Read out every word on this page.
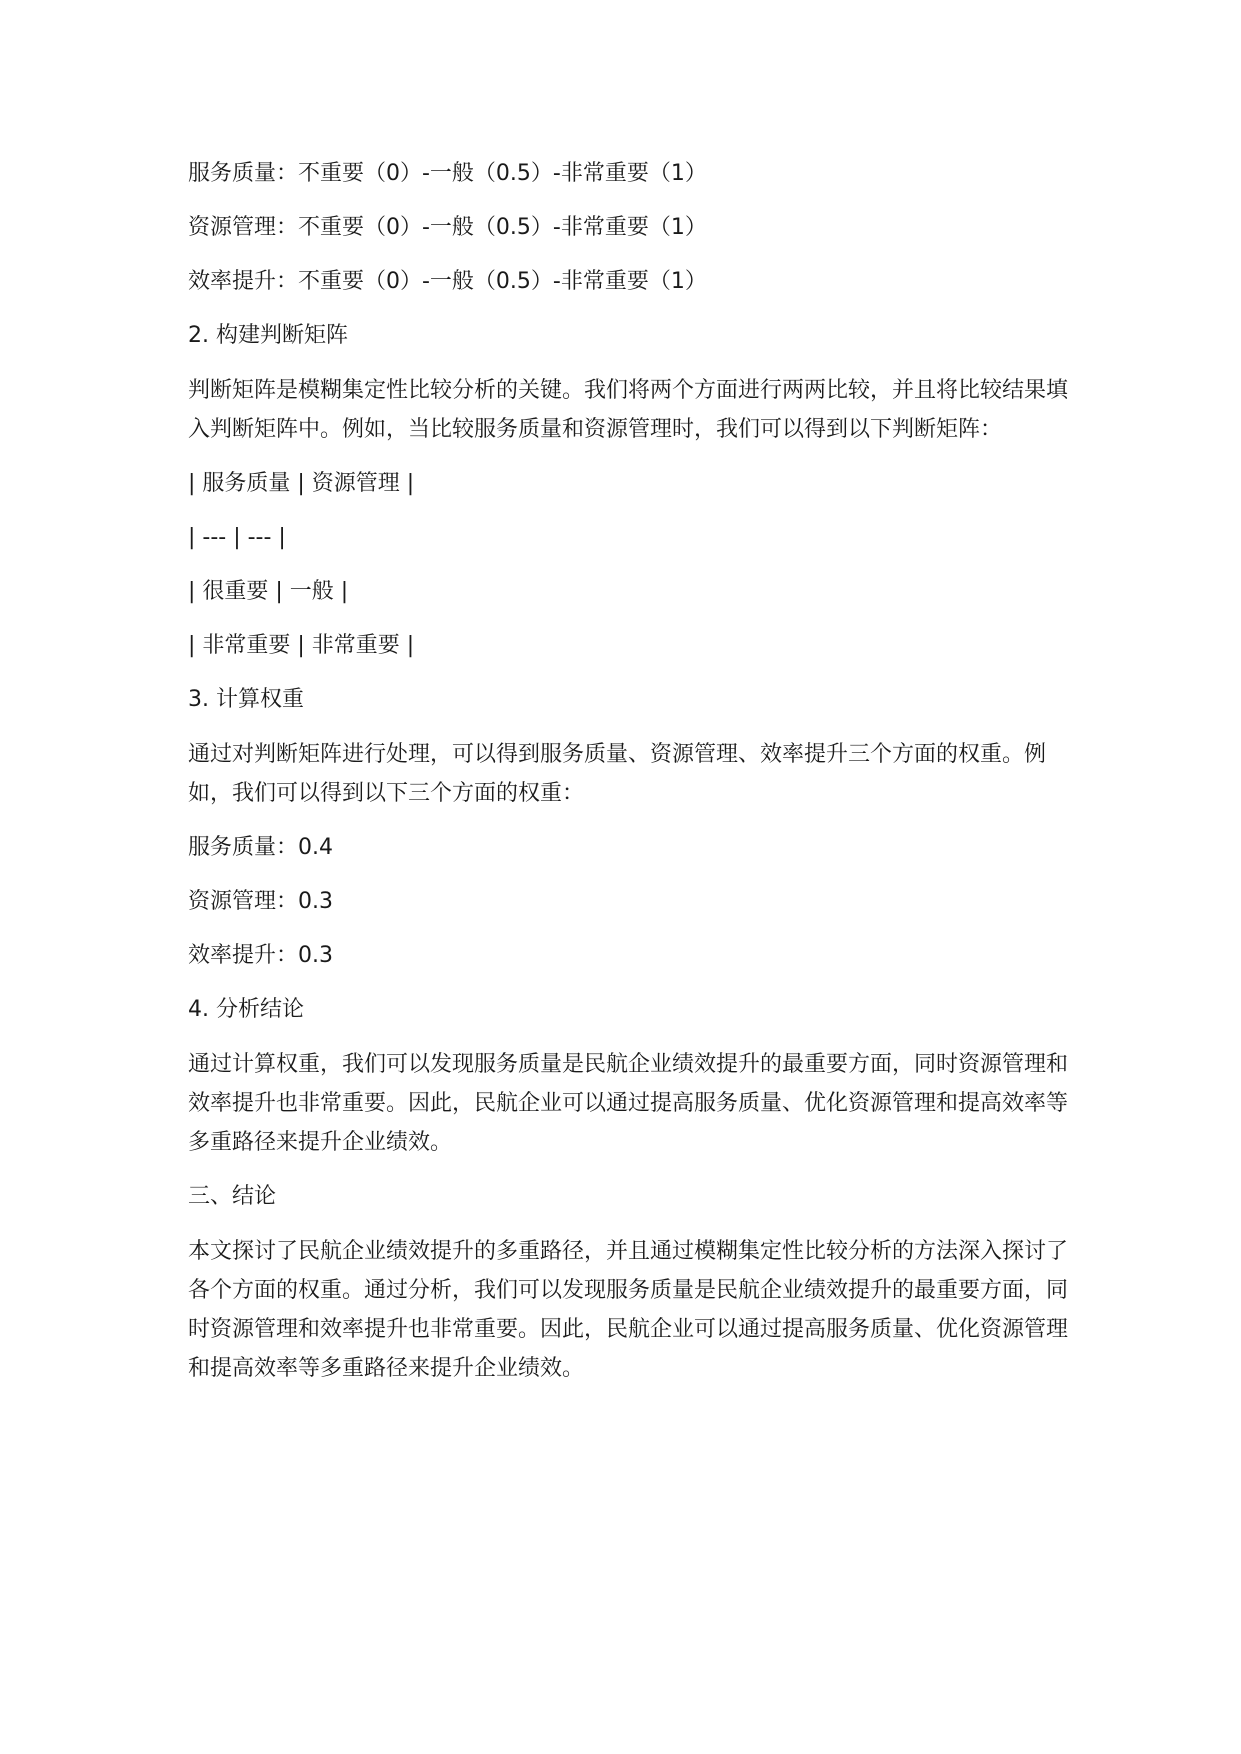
服务质量：不重要（0）-一般（0.5）-非常重要（1）

资源管理：不重要（0）-一般（0.5）-非常重要（1）

效率提升：不重要（0）-一般（0.5）-非常重要（1）

2. 构建判断矩阵

判断矩阵是模糊集定性比较分析的关键。我们将两个方面进行两两比较，并且将比较结果填入判断矩阵中。例如，当比较服务质量和资源管理时，我们可以得到以下判断矩阵：

| 服务质量 | 资源管理 |

| --- | --- |

| 很重要 | 一般 |

| 非常重要 | 非常重要 |

3. 计算权重

通过对判断矩阵进行处理，可以得到服务质量、资源管理、效率提升三个方面的权重。例如，我们可以得到以下三个方面的权重：

服务质量：0.4

资源管理：0.3

效率提升：0.3

4. 分析结论

通过计算权重，我们可以发现服务质量是民航企业绩效提升的最重要方面，同时资源管理和效率提升也非常重要。因此，民航企业可以通过提高服务质量、优化资源管理和提高效率等多重路径来提升企业绩效。

三、结论

本文探讨了民航企业绩效提升的多重路径，并且通过模糊集定性比较分析的方法深入探讨了各个方面的权重。通过分析，我们可以发现服务质量是民航企业绩效提升的最重要方面，同时资源管理和效率提升也非常重要。因此，民航企业可以通过提高服务质量、优化资源管理和提高效率等多重路径来提升企业绩效。
